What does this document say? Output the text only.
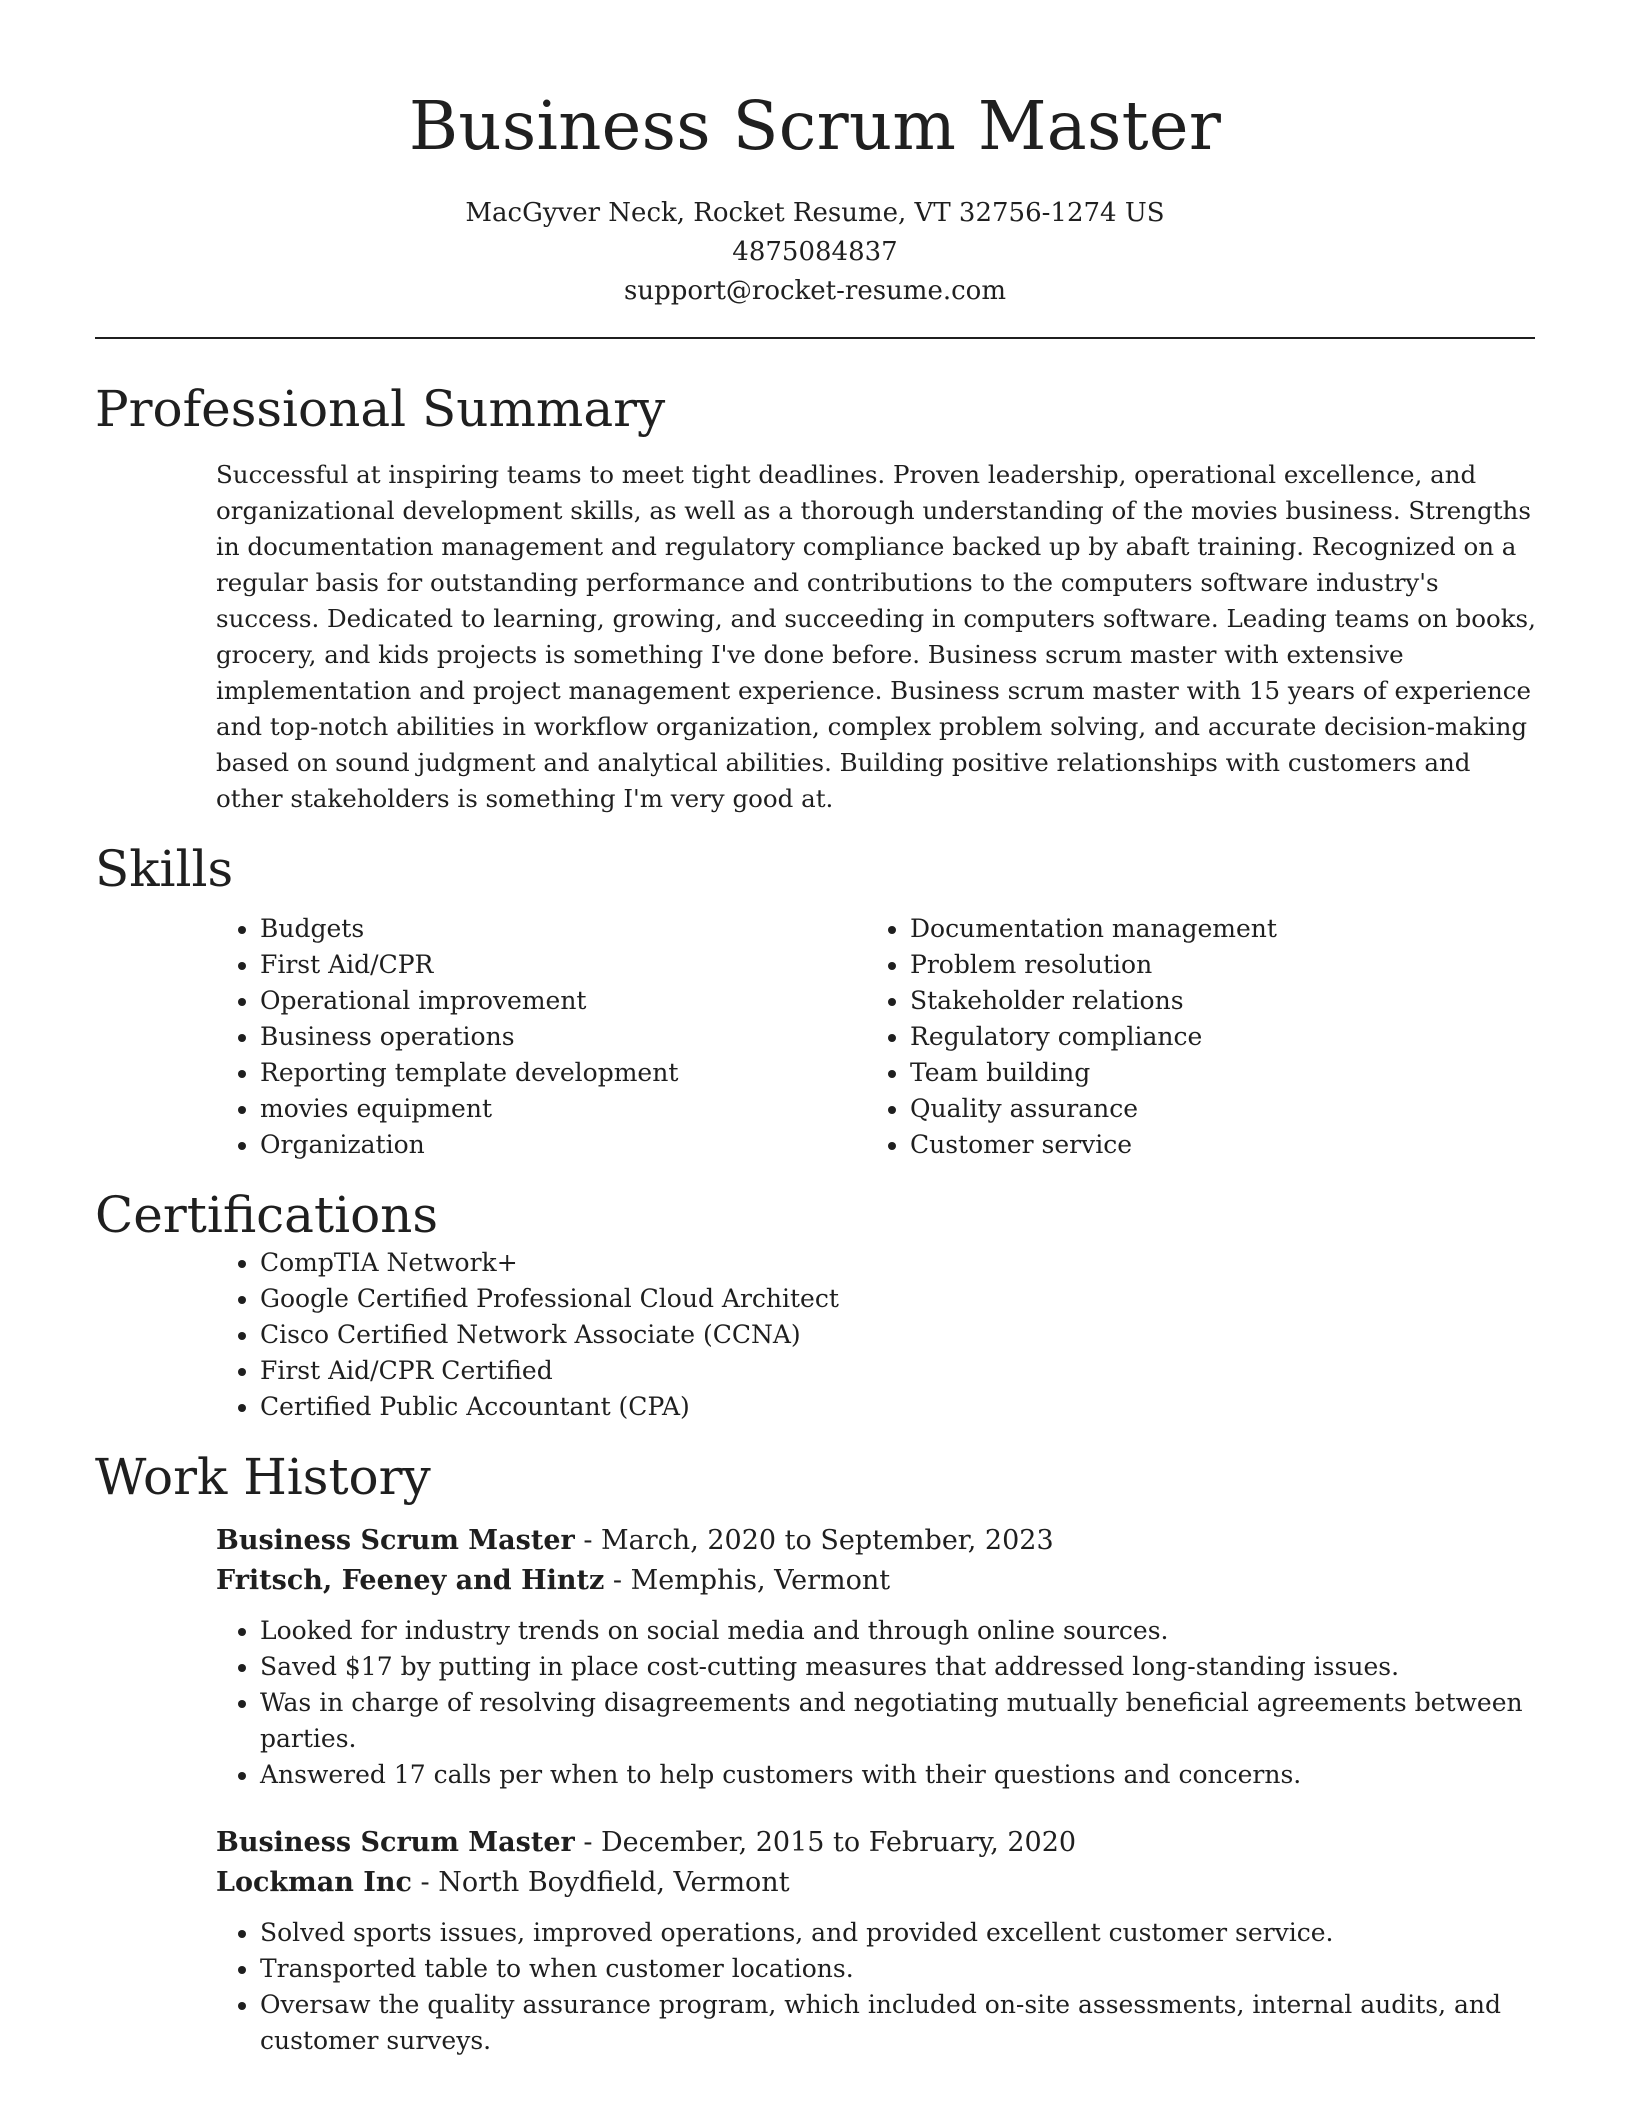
Business Scrum Master
MacGyver Neck, Rocket Resume, VT 32756-1274 US
4875084837
support@rocket-resume.com
Professional Summary

Successful at inspiring teams to meet tight deadlines. Proven leadership, operational excellence, and organizational development skills, as well as a thorough understanding of the movies business. Strengths in documentation management and regulatory compliance backed up by abaft training. Recognized on a regular basis for outstanding performance and contributions to the computers software industry's success. Dedicated to learning, growing, and succeeding in computers software. Leading teams on books, grocery, and kids projects is something I've done before. Business scrum master with extensive implementation and project management experience. Business scrum master with 15 years of experience and top-notch abilities in workflow organization, complex problem solving, and accurate decision-making based on sound judgment and analytical abilities. Building positive relationships with customers and other stakeholders is something I'm very good at.

Skills
• Budgets
• First Aid/CPR
• Operational improvement
• Business operations
• Reporting template development
• movies equipment
• Organization
• Documentation management
• Problem resolution
• Stakeholder relations
• Regulatory compliance
• Team building
• Quality assurance
• Customer service
Certifications
• CompTIA Network+
• Google Certified Professional Cloud Architect
• Cisco Certified Network Associate (CCNA)
• First Aid/CPR Certified
• Certified Public Accountant (CPA)
Work History
Business Scrum Master - March, 2020 to September, 2023
Fritsch, Feeney and Hintz - Memphis, Vermont
• Looked for industry trends on social media and through online sources.
• Saved $17 by putting in place cost-cutting measures that addressed long-standing issues.
• Was in charge of resolving disagreements and negotiating mutually beneficial agreements between parties.
• Answered 17 calls per when to help customers with their questions and concerns.
Business Scrum Master - December, 2015 to February, 2020
Lockman Inc - North Boydfield, Vermont
• Solved sports issues, improved operations, and provided excellent customer service.
• Transported table to when customer locations.
• Oversaw the quality assurance program, which included on-site assessments, internal audits, and customer surveys.
